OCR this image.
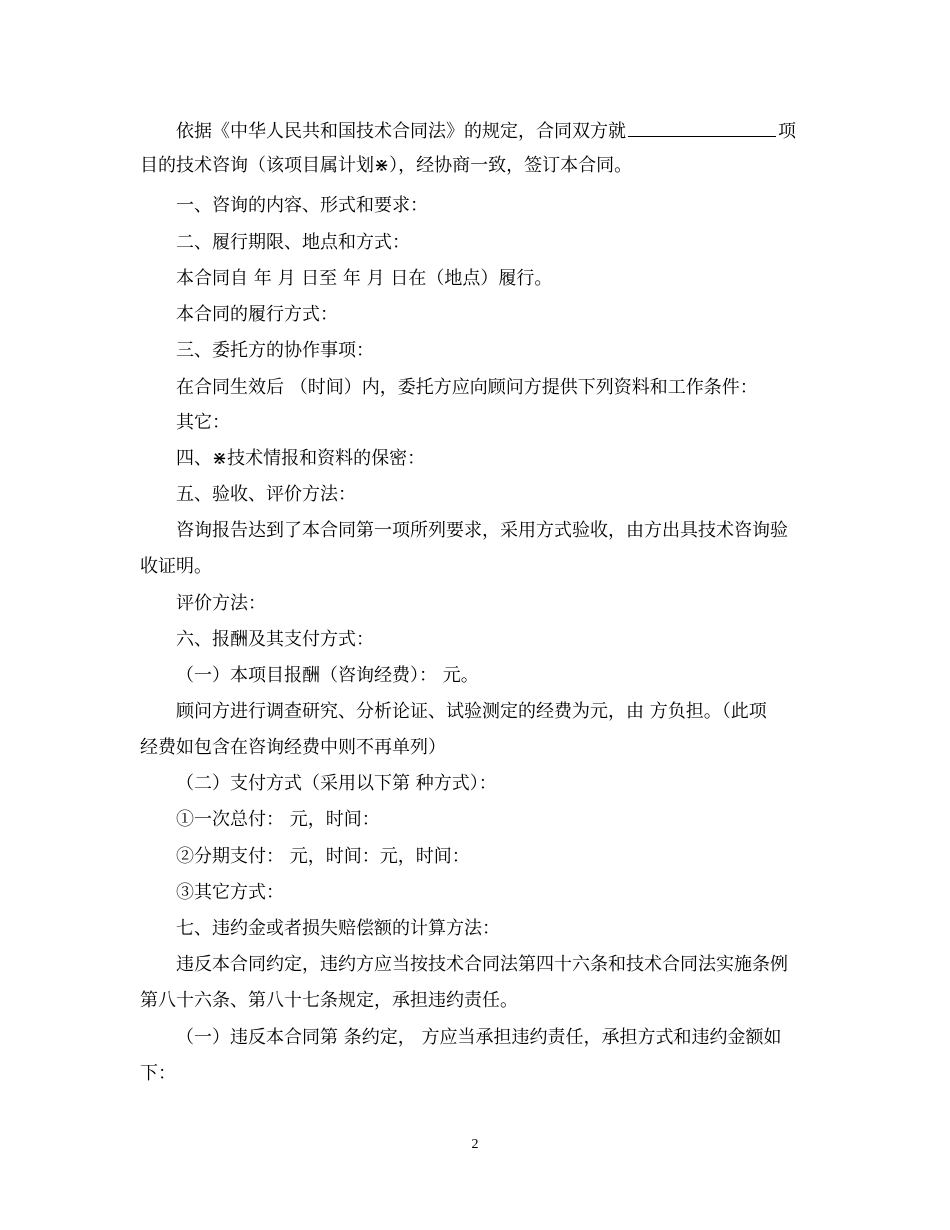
依据《中华人民共和国技术合同法》的规定，合同双方就	项
目的技术咨询（该项目属计划⋇），经协商一致，签订本合同。
一、咨询的内容、形式和要求：
二、履行期限、地点和方式：
本合同自 年 月 日至 年 月 日在（地点）履行。
本合同的履行方式：
三、委托方的协作事项：
在合同生效后 （时间）内，委托方应向顾问方提供下列资料和工作条件：
其它：
四、⋇技术情报和资料的保密：
五、验收、评价方法：
咨询报告达到了本合同第一项所列要求，采用方式验收，由方出具技术咨询验
收证明。
评价方法：
六、报酬及其支付方式：
（一）本项目报酬（咨询经费）： 元。
顾问方进行调查研究、分析论证、试验测定的经费为元，由 方负担。（此项
经费如包含在咨询经费中则不再单列）
（二）支付方式（采用以下第 种方式）：
①一次总付： 元，时间：
②分期支付： 元，时间：元，时间：
③其它方式：
七、违约金或者损失赔偿额的计算方法：
违反本合同约定，违约方应当按技术合同法第四十六条和技术合同法实施条例
第八十六条、第八十七条规定，承担违约责任。
（一）违反本合同第 条约定， 方应当承担违约责任，承担方式和违约金额如
下：
2
